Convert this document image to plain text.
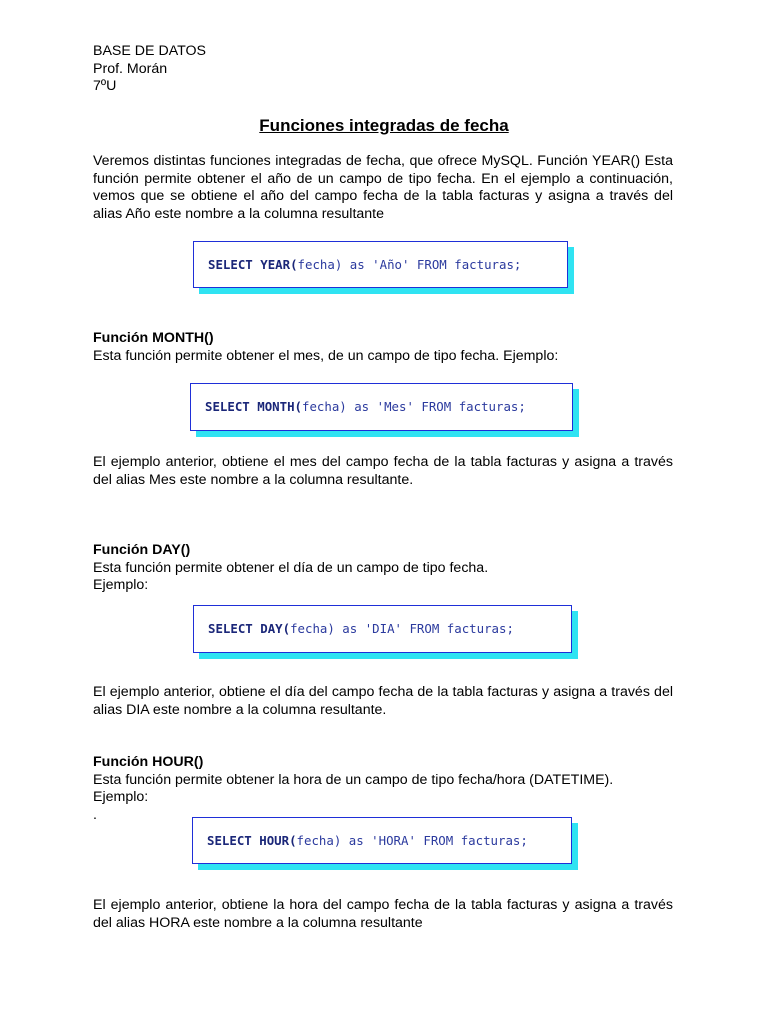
BASE DE DATOS
Prof. Morán
7ºU
Funciones integradas de fecha
Veremos distintas funciones integradas de fecha, que ofrece MySQL. Función YEAR() Esta función permite obtener el año de un campo de tipo fecha. En el ejemplo a continuación, vemos que se obtiene el año del campo fecha de la tabla facturas y asigna a través del alias Año este nombre a la columna resultante
SELECT YEAR(fecha) as 'Año' FROM facturas;
Función MONTH()
Esta función permite obtener el mes, de un campo de tipo fecha. Ejemplo:
SELECT MONTH(fecha) as 'Mes' FROM facturas;
El ejemplo anterior, obtiene el mes del campo fecha de la tabla facturas y asigna a través del alias Mes este nombre a la columna resultante.
Función DAY()
Esta función permite obtener el día de un campo de tipo fecha.
Ejemplo:
SELECT DAY(fecha) as 'DIA' FROM facturas;
El ejemplo anterior, obtiene el día del campo fecha de la tabla facturas y asigna a través del alias DIA este nombre a la columna resultante.
Función HOUR()
Esta función permite obtener la hora de un campo de tipo fecha/hora (DATETIME).
Ejemplo:
.
SELECT HOUR(fecha) as 'HORA' FROM facturas;
El ejemplo anterior, obtiene la hora del campo fecha de la tabla facturas y asigna a través del alias HORA este nombre a la columna resultante
